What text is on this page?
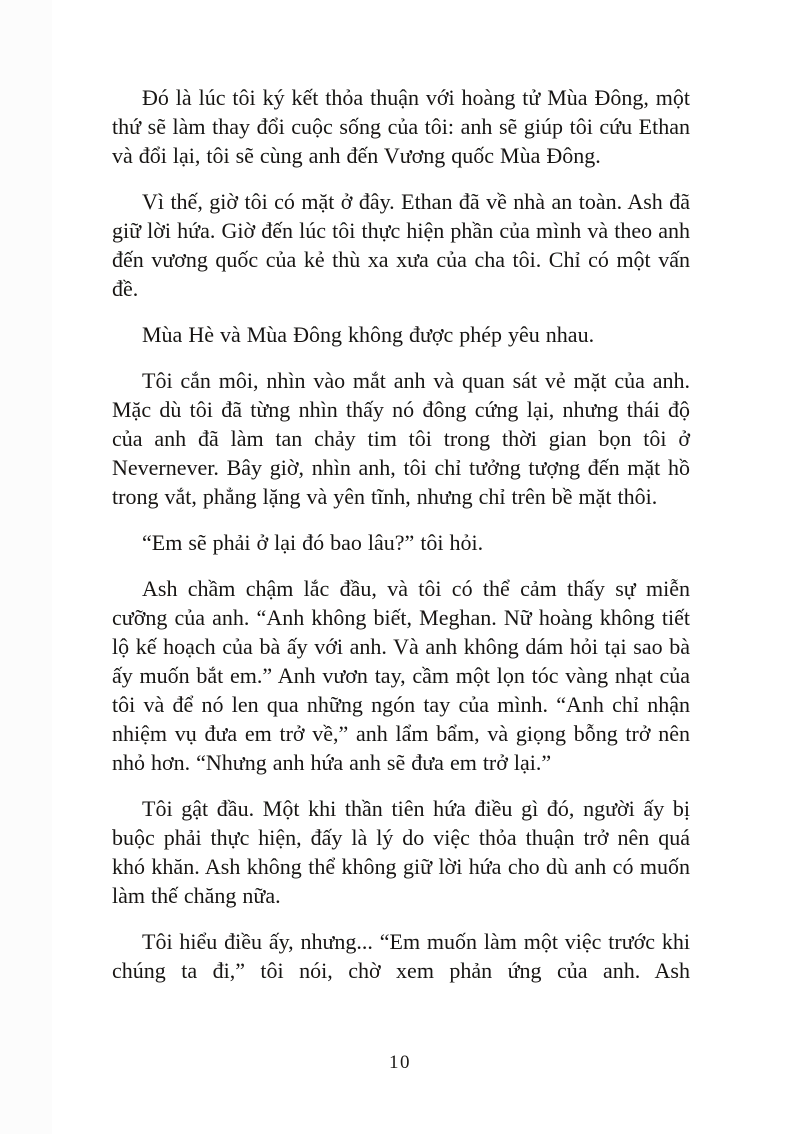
Đó là lúc tôi ký kết thỏa thuận với hoàng tử Mùa Đông, một thứ sẽ làm thay đổi cuộc sống của tôi: anh sẽ giúp tôi cứu Ethan và đổi lại, tôi sẽ cùng anh đến Vương quốc Mùa Đông.

Vì thế, giờ tôi có mặt ở đây. Ethan đã về nhà an toàn. Ash đã giữ lời hứa. Giờ đến lúc tôi thực hiện phần của mình và theo anh đến vương quốc của kẻ thù xa xưa của cha tôi. Chỉ có một vấn đề.

Mùa Hè và Mùa Đông không được phép yêu nhau.

Tôi cắn môi, nhìn vào mắt anh và quan sát vẻ mặt của anh. Mặc dù tôi đã từng nhìn thấy nó đông cứng lại, nhưng thái độ của anh đã làm tan chảy tim tôi trong thời gian bọn tôi ở Nevernever. Bây giờ, nhìn anh, tôi chỉ tưởng tượng đến mặt hồ trong vắt, phẳng lặng và yên tĩnh, nhưng chỉ trên bề mặt thôi.

“Em sẽ phải ở lại đó bao lâu?” tôi hỏi.

Ash chầm chậm lắc đầu, và tôi có thể cảm thấy sự miễn cưỡng của anh. “Anh không biết, Meghan. Nữ hoàng không tiết lộ kế hoạch của bà ấy với anh. Và anh không dám hỏi tại sao bà ấy muốn bắt em.” Anh vươn tay, cầm một lọn tóc vàng nhạt của tôi và để nó len qua những ngón tay của mình. “Anh chỉ nhận nhiệm vụ đưa em trở về,” anh lẩm bẩm, và giọng bỗng trở nên nhỏ hơn. “Nhưng anh hứa anh sẽ đưa em trở lại.”

Tôi gật đầu. Một khi thần tiên hứa điều gì đó, người ấy bị buộc phải thực hiện, đấy là lý do việc thỏa thuận trở nên quá khó khăn. Ash không thể không giữ lời hứa cho dù anh có muốn làm thế chăng nữa.

Tôi hiểu điều ấy, nhưng... “Em muốn làm một việc trước khi chúng ta đi,” tôi nói, chờ xem phản ứng của anh. Ash

10
